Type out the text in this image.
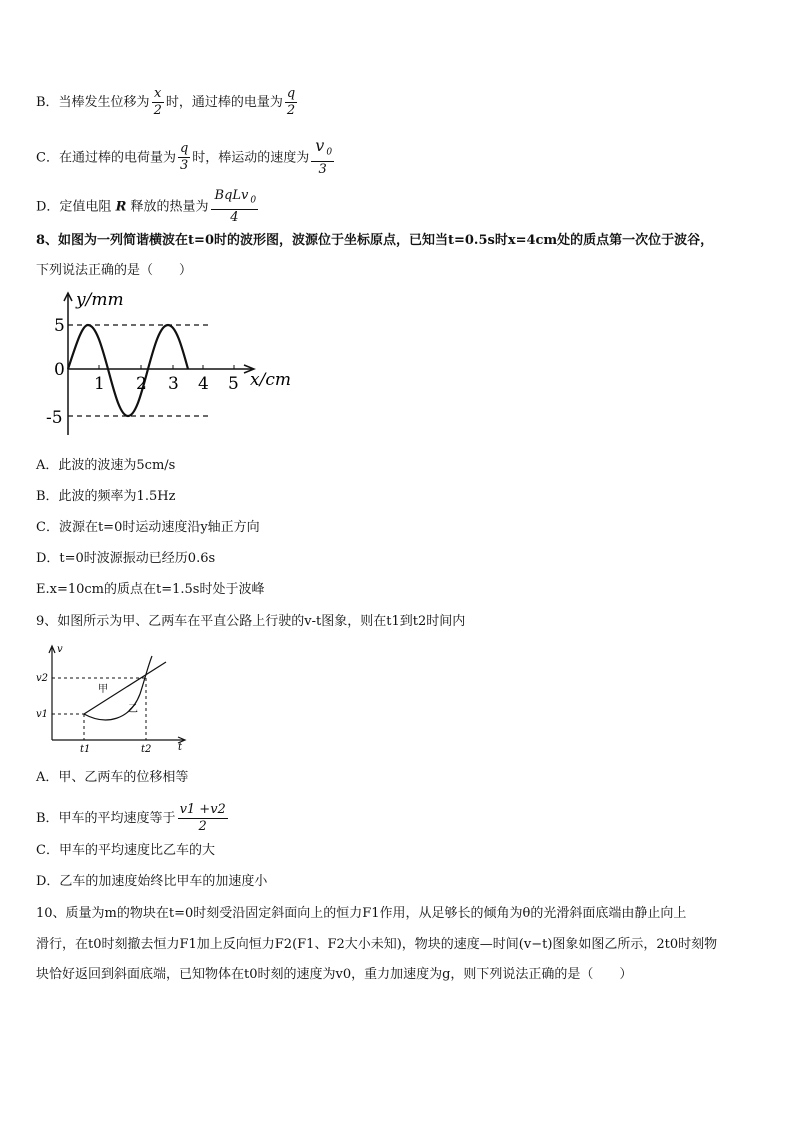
B．当棒发生位移为 $\frac{x}{2}$ 时，通过棒的电量为 $\frac{q}{2}$
C．在通过棒的电荷量为 $\frac{q}{3}$ 时，棒运动的速度为 $\frac{v _0}{3}$
D．定值电阻 R 释放的热量为 $\frac{BqLv _0}{4}$
8、如图为一列简谐横波在t=0时的波形图，波源位于坐标原点，已知当t=0.5s时x=4cm处的质点第一次位于波谷，
下列说法正确的是（　　）
y/mm
x/cm
0
5
-5
1 2 3 4 5
A．此波的波速为5cm/s
B．此波的频率为1.5Hz
C．波源在t=0时运动速度沿y轴正方向
D．t=0时波源振动已经历0.6s
E.x=10cm的质点在t=1.5s时处于波峰
9、如图所示为甲、乙两车在平直公路上行驶的v-t图象，则在t1到t2时间内
v
t
v2
v1
t1	t2
甲
乙
A．甲、乙两车的位移相等
B．甲车的平均速度等于 $\frac{v1 +v2}{2}$
C．甲车的平均速度比乙车的大
D．乙车的加速度始终比甲车的加速度小
10、质量为m的物块在t=0时刻受沿固定斜面向上的恒力F1作用，从足够长的倾角为θ的光滑斜面底端由静止向上
滑行，在t0时刻撤去恒力F1加上反向恒力F2(F1、F2大小未知)，物块的速度—时间(v−t)图象如图乙所示，2t0时刻物
块恰好返回到斜面底端，已知物体在t0时刻的速度为v0，重力加速度为g，则下列说法正确的是（　　）
